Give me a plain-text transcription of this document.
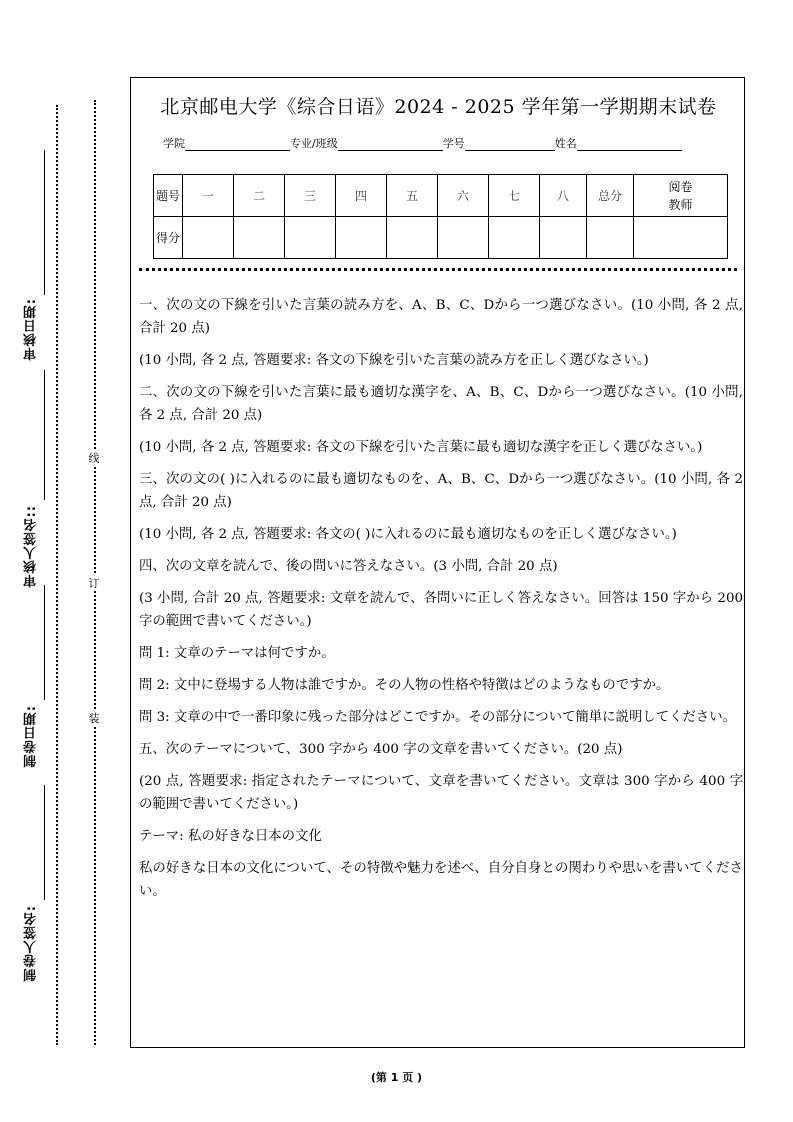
审核日期:
审核人签名::
制卷日期:
制卷人签名:
线
订
装
北京邮电大学《综合日语》2024 - 2025 学年第一学期期末试卷
学院	专业/班级	学号	姓名
题号	一	二	三	四	五	六	七	八	总分	阅卷教师

得分										

一、次の文の下線を引いた言葉の読み方を、A、B、C、Dから一つ選びなさい。(10 小問, 各 2 点, 合計 20 点)

(10 小問, 各 2 点, 答題要求: 各文の下線を引いた言葉の読み方を正しく選びなさい。)

二、次の文の下線を引いた言葉に最も適切な漢字を、A、B、C、Dから一つ選びなさい。(10 小問, 各 2 点, 合計 20 点)

(10 小問, 各 2 点, 答題要求: 各文の下線を引いた言葉に最も適切な漢字を正しく選びなさい。)

三、次の文の( )に入れるのに最も適切なものを、A、B、C、Dから一つ選びなさい。(10 小問, 各 2 点, 合計 20 点)

(10 小問, 各 2 点, 答題要求: 各文の( )に入れるのに最も適切なものを正しく選びなさい。)

四、次の文章を読んで、後の問いに答えなさい。(3 小問, 合計 20 点)

(3 小問, 合計 20 点, 答題要求: 文章を読んで、各問いに正しく答えなさい。回答は 150 字から 200 字の範囲で書いてください。)

問 1: 文章のテーマは何ですか。

問 2: 文中に登場する人物は誰ですか。その人物の性格や特徴はどのようなものですか。

問 3: 文章の中で一番印象に残った部分はどこですか。その部分について簡単に説明してください。

五、次のテーマについて、300 字から 400 字の文章を書いてください。(20 点)

(20 点, 答題要求: 指定されたテーマについて、文章を書いてください。文章は 300 字から 400 字の範囲で書いてください。)

テーマ: 私の好きな日本の文化

私の好きな日本の文化について、その特徴や魅力を述べ、自分自身との関わりや思いを書いてください。

(第 1 页 )
